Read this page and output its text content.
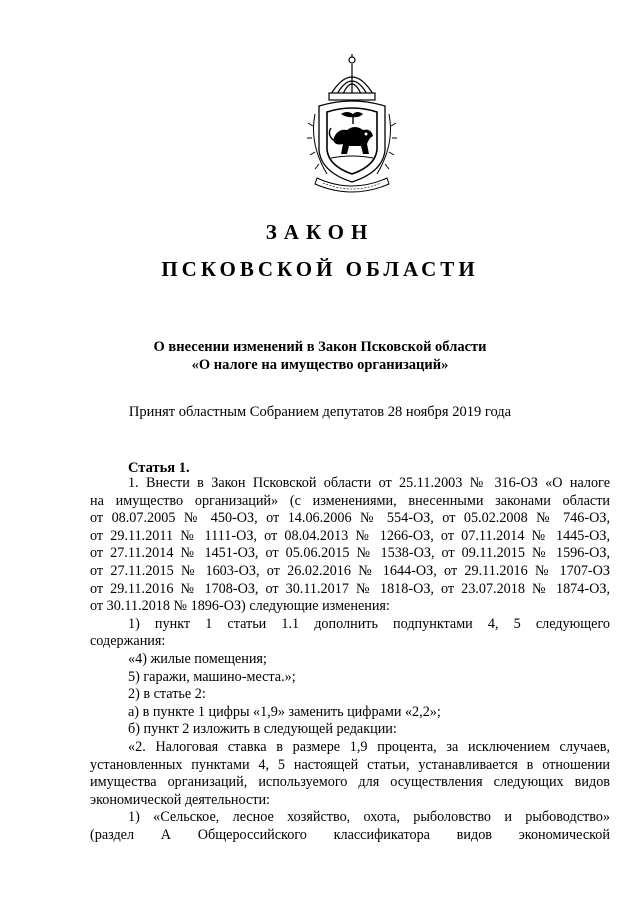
ЗАКОН
ПСКОВСКОЙ ОБЛАСТИ
О внесении изменений в Закон Псковской области
«О налоге на имущество организаций»
Принят областным Собранием депутатов 28 ноября 2019 года
Статья 1.
1. Внести в Закон Псковской области от 25.11.2003 № 316-ОЗ «О налоге
на имущество организаций» (с изменениями, внесенными законами области
от 08.07.2005 № 450-ОЗ, от 14.06.2006 № 554-ОЗ, от 05.02.2008 № 746-ОЗ,
от 29.11.2011 № 1111-ОЗ, от 08.04.2013 № 1266-ОЗ, от 07.11.2014 № 1445-ОЗ,
от 27.11.2014 № 1451-ОЗ, от 05.06.2015 № 1538-ОЗ, от 09.11.2015 № 1596-ОЗ,
от 27.11.2015 № 1603-ОЗ, от 26.02.2016 № 1644-ОЗ, от 29.11.2016 № 1707-ОЗ
от 29.11.2016 № 1708-ОЗ, от 30.11.2017 № 1818-ОЗ, от 23.07.2018 № 1874-ОЗ,

от 30.11.2018 № 1896-ОЗ) следующие изменения:

1) пункт 1 статьи 1.1 дополнить подпунктами 4, 5 следующего

содержания:

«4) жилые помещения;

5) гаражи, машино-места.»;

2) в статье 2:

а) в пункте 1 цифры «1,9» заменить цифрами «2,2»;

б) пункт 2 изложить в следующей редакции:

«2. Налоговая ставка в размере 1,9 процента, за исключением случаев,
установленных пунктами 4, 5 настоящей статьи, устанавливается в отношении
имущества организаций, используемого для осуществления следующих видов

экономической деятельности:

1) «Сельское, лесное хозяйство, охота, рыболовство и рыбоводство»
(раздел А Общероссийского классификатора видов экономической
